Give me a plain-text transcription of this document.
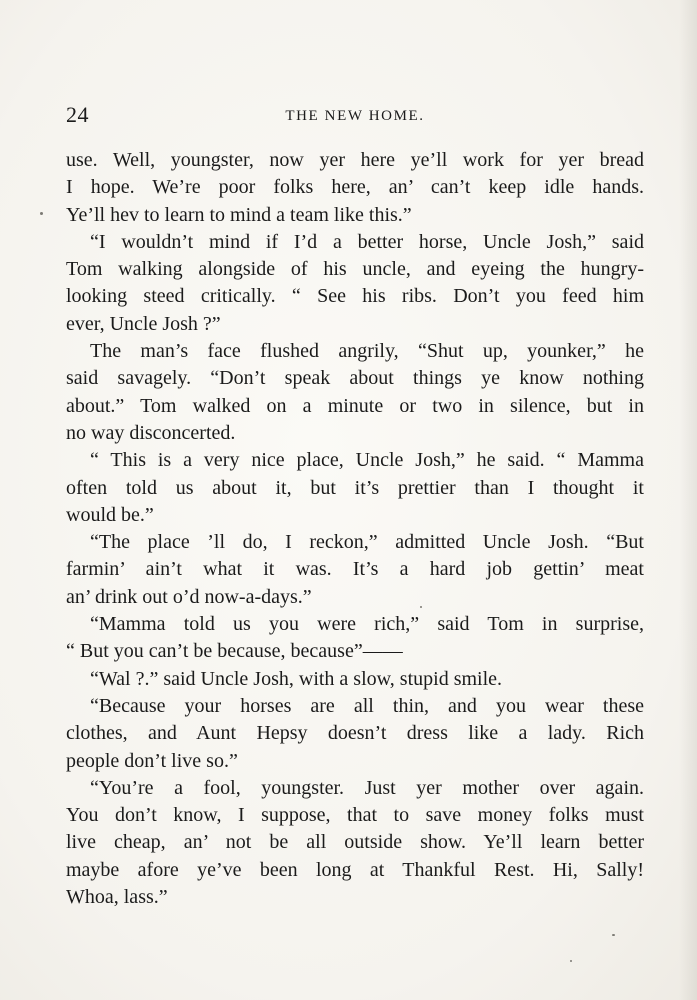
24	THE NEW HOME.
use. Well, youngster, now yer here ye’ll work for yer bread
I hope. We’re poor folks here, an’ can’t keep idle hands.
Ye’ll hev to learn to mind a team like this.”
“I wouldn’t mind if I’d a better horse, Uncle Josh,” said
Tom walking alongside of his uncle, and eyeing the hungry-
looking steed critically. “ See his ribs. Don’t you feed him
ever, Uncle Josh ?”
The man’s face flushed angrily, “Shut up, younker,” he
said savagely. “Don’t speak about things ye know nothing
about.” Tom walked on a minute or two in silence, but in
no way disconcerted.
“ This is a very nice place, Uncle Josh,” he said. “ Mamma
often told us about it, but it’s prettier than I thought it
would be.”
“The place ’ll do, I reckon,” admitted Uncle Josh. “But
farmin’ ain’t what it was. It’s a hard job gettin’ meat
an’ drink out o’d now-a-days.”
“Mamma told us you were rich,” said Tom in surprise,
“ But you can’t be because, because”——
“Wal ?.” said Uncle Josh, with a slow, stupid smile.
“Because your horses are all thin, and you wear these
clothes, and Aunt Hepsy doesn’t dress like a lady. Rich
people don’t live so.”
“You’re a fool, youngster. Just yer mother over again.
You don’t know, I suppose, that to save money folks must
live cheap, an’ not be all outside show. Ye’ll learn better
maybe afore ye’ve been long at Thankful Rest. Hi, Sally!
Whoa, lass.”
